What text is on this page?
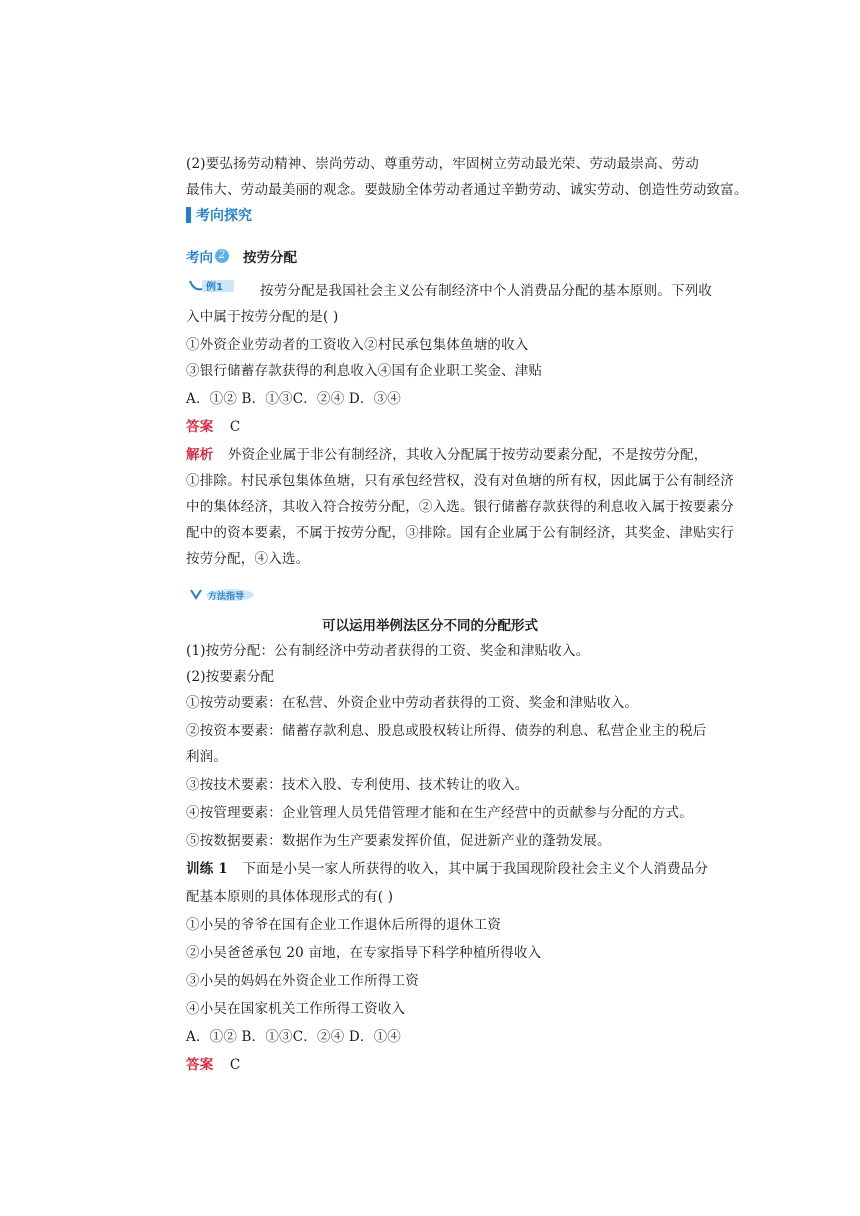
(2)要弘扬劳动精神、崇尚劳动、尊重劳动，牢固树立劳动最光荣、劳动最崇高、劳动
最伟大、劳动最美丽的观念。要鼓励全体劳动者通过辛勤劳动、诚实劳动、创造性劳动致富。
考向探究
考向 2 按劳分配
例1	按劳分配是我国社会主义公有制经济中个人消费品分配的基本原则。下列收
入中属于按劳分配的是( )
①外资企业劳动者的工资收入②村民承包集体鱼塘的收入
③银行储蓄存款获得的利息收入④国有企业职工奖金、津贴
A．①② B．①③C．②④ D．③④
答案 C
解析 外资企业属于非公有制经济，其收入分配属于按劳动要素分配，不是按劳分配，
①排除。村民承包集体鱼塘，只有承包经营权，没有对鱼塘的所有权，因此属于公有制经济
中的集体经济，其收入符合按劳分配，②入选。银行储蓄存款获得的利息收入属于按要素分
配中的资本要素，不属于按劳分配，③排除。国有企业属于公有制经济，其奖金、津贴实行
按劳分配，④入选。
方法指导
可以运用举例法区分不同的分配形式
(1)按劳分配：公有制经济中劳动者获得的工资、奖金和津贴收入。
(2)按要素分配
①按劳动要素：在私营、外资企业中劳动者获得的工资、奖金和津贴收入。
②按资本要素：储蓄存款利息、股息或股权转让所得、债券的利息、私营企业主的税后
利润。
③按技术要素：技术入股、专利使用、技术转让的收入。
④按管理要素：企业管理人员凭借管理才能和在生产经营中的贡献参与分配的方式。
⑤按数据要素：数据作为生产要素发挥价值，促进新产业的蓬勃发展。
训练 1 下面是小吴一家人所获得的收入，其中属于我国现阶段社会主义个人消费品分
配基本原则的具体体现形式的有( )
①小吴的爷爷在国有企业工作退休后所得的退休工资
②小吴爸爸承包 20 亩地，在专家指导下科学种植所得收入
③小吴的妈妈在外资企业工作所得工资
④小吴在国家机关工作所得工资收入
A．①② B．①③C．②④ D．①④
答案 C
